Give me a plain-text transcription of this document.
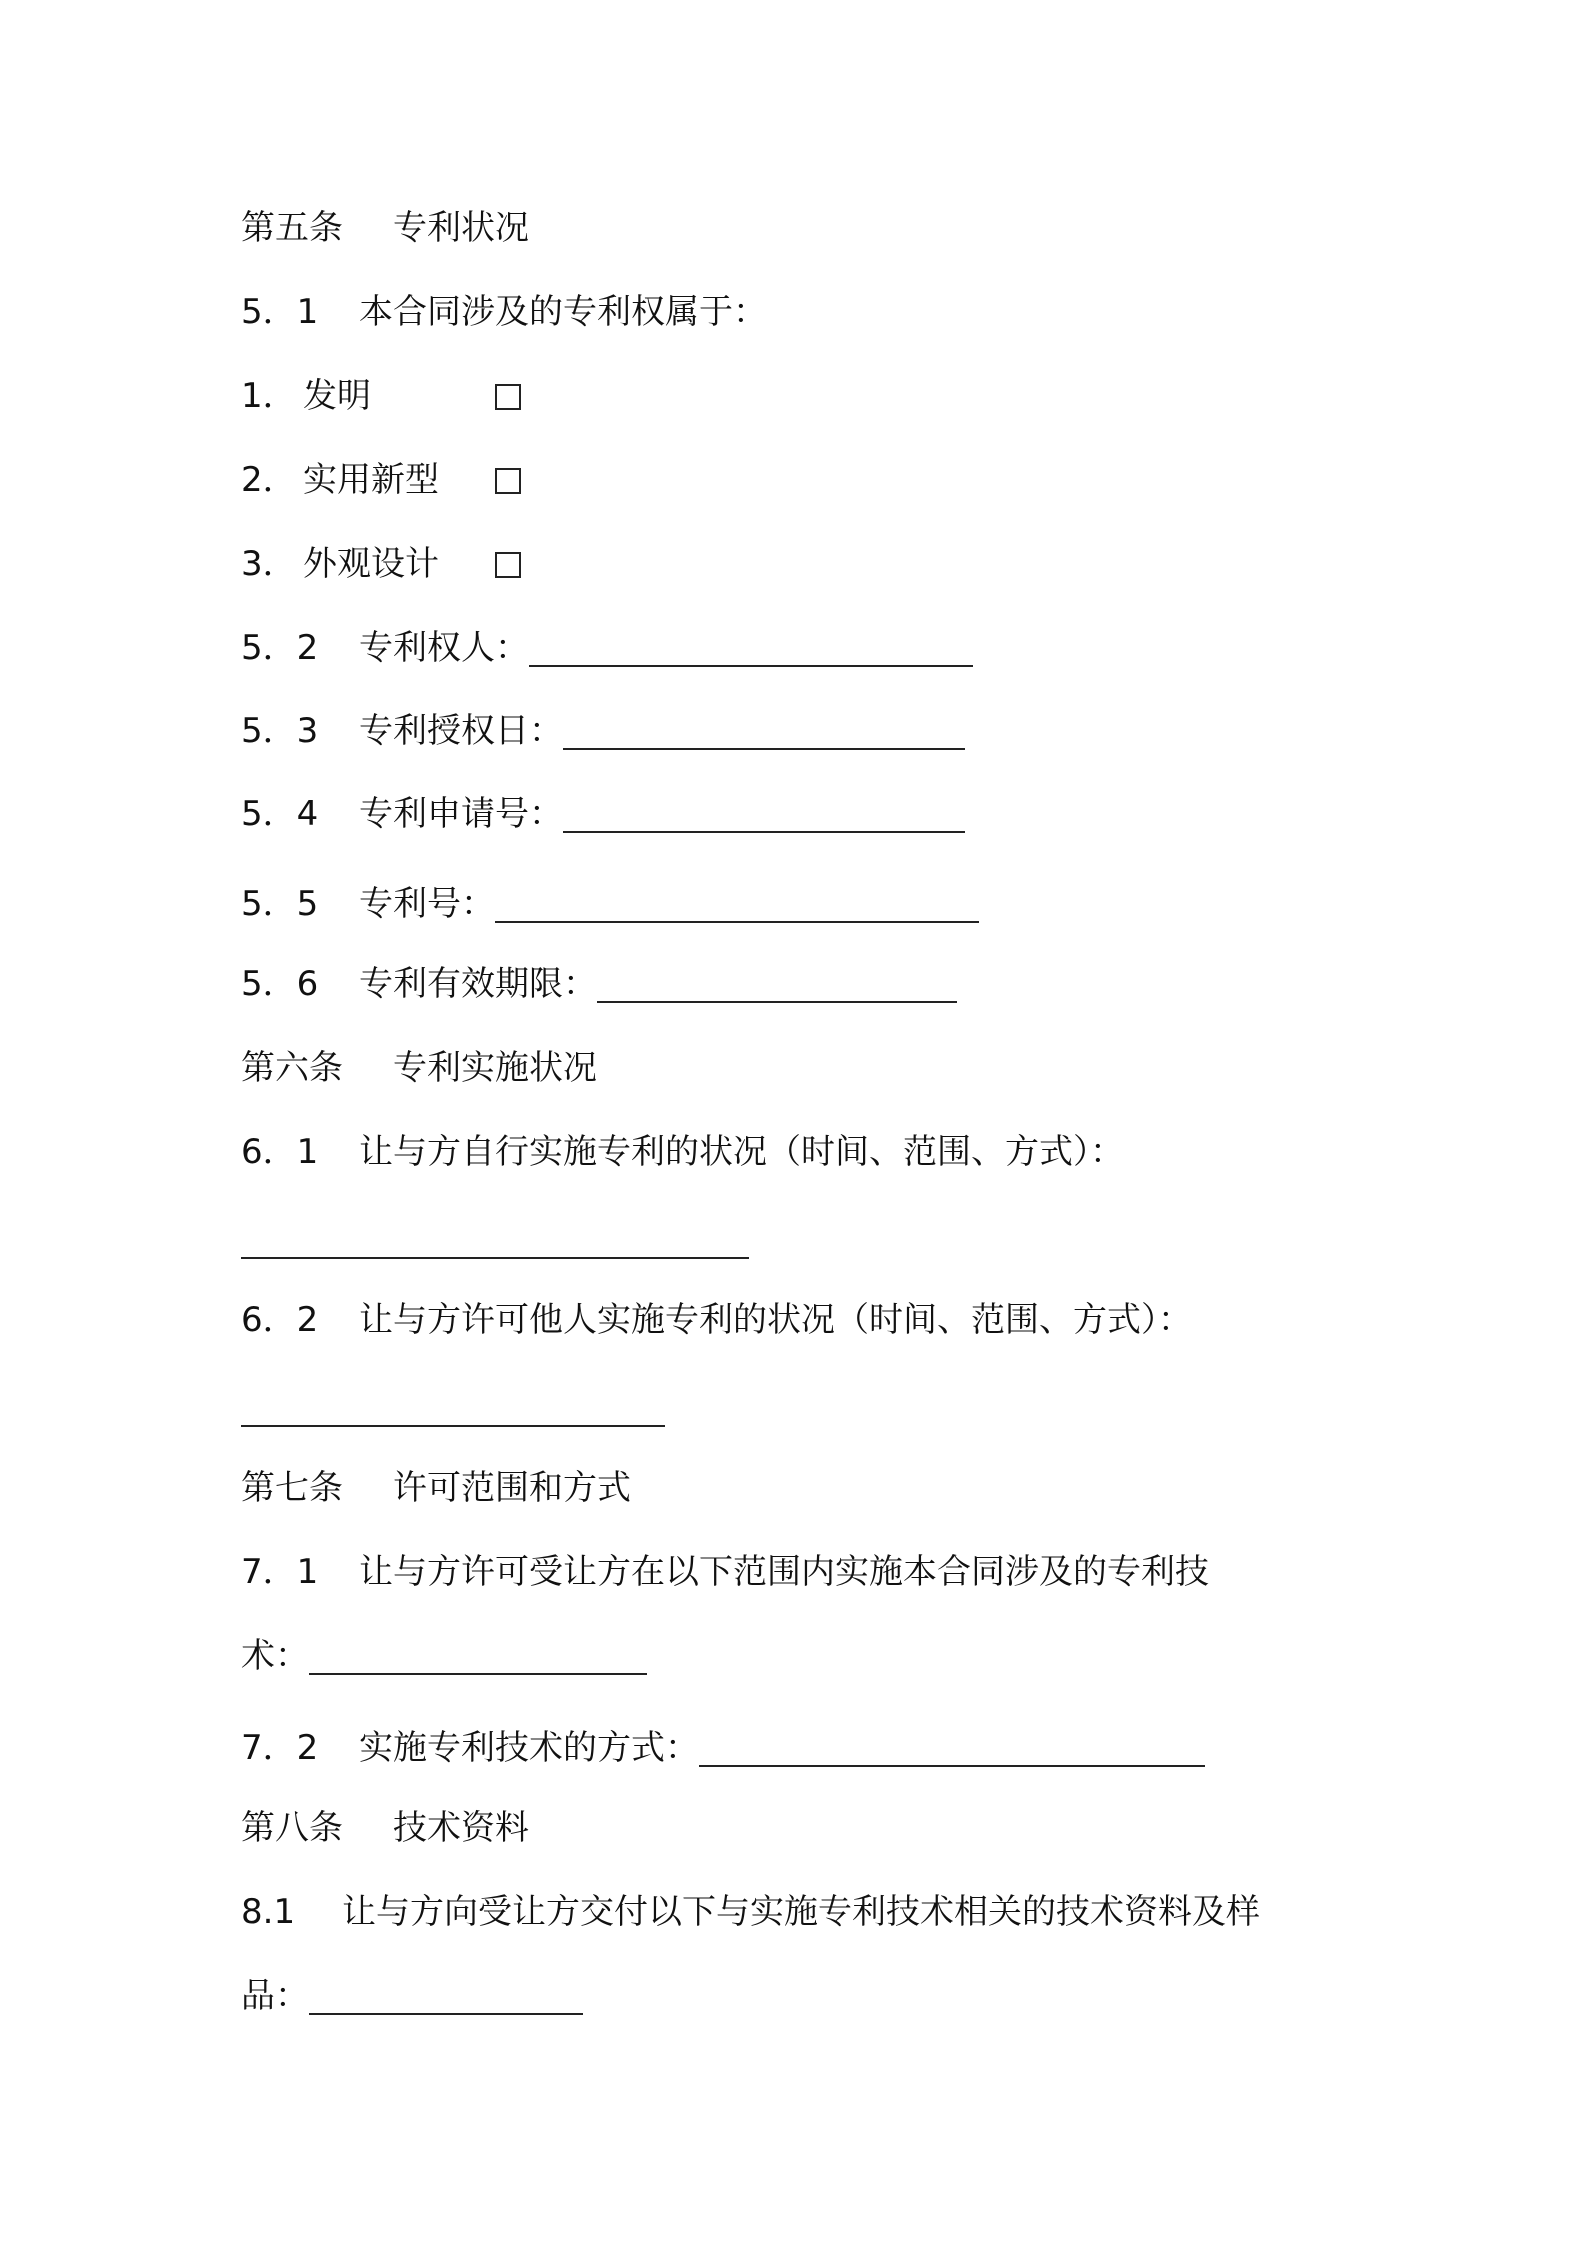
第五条 专利状况
5．1 本合同涉及的专利权属于：
1． 发明
2． 实用新型
3． 外观设计
5．2 专利权人：
5．3 专利授权日：
5．4 专利申请号：
5．5 专利号：
5．6 专利有效期限：
第六条 专利实施状况
6．1 让与方自行实施专利的状况（时间、范围、方式）：
6．2 让与方许可他人实施专利的状况（时间、范围、方式）：
第七条 许可范围和方式
7．1 让与方许可受让方在以下范围内实施本合同涉及的专利技
术：
7．2 实施专利技术的方式：
第八条 技术资料
8.1 让与方向受让方交付以下与实施专利技术相关的技术资料及样
品：
